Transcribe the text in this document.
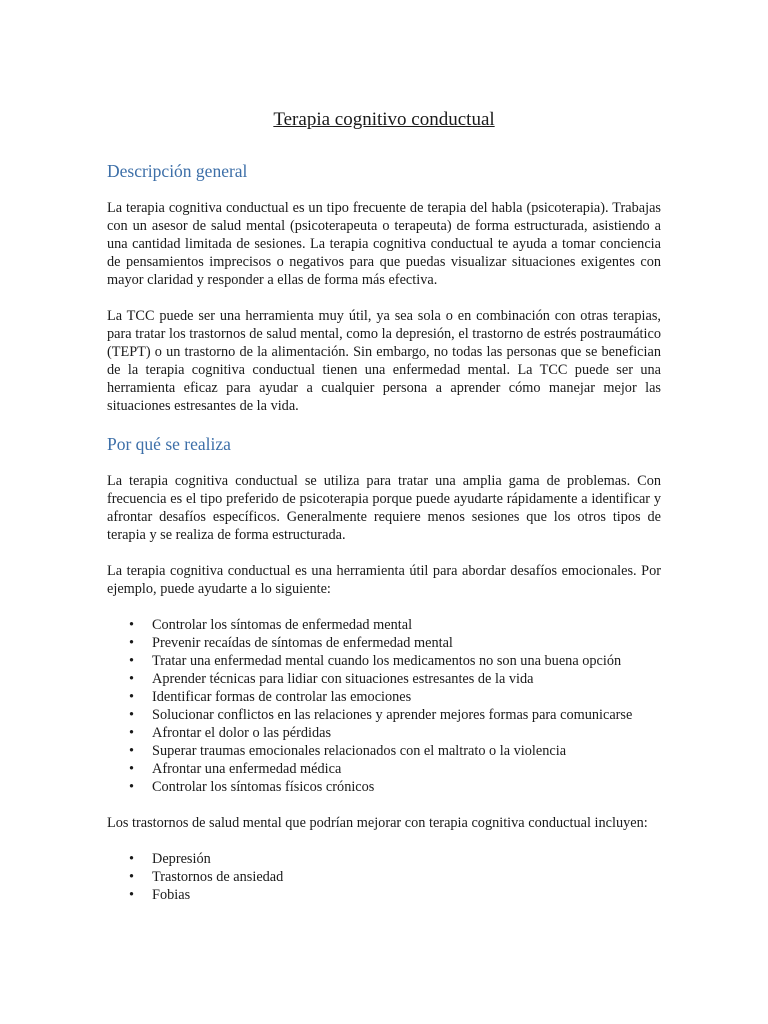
Terapia cognitivo conductual
Descripción general

La terapia cognitiva conductual es un tipo frecuente de terapia del habla (psicoterapia). Trabajas con un asesor de salud mental (psicoterapeuta o terapeuta) de forma estructurada, asistiendo a una cantidad limitada de sesiones. La terapia cognitiva conductual te ayuda a tomar conciencia de pensamientos imprecisos o negativos para que puedas visualizar situaciones exigentes con mayor claridad y responder a ellas de forma más efectiva.

La TCC puede ser una herramienta muy útil, ya sea sola o en combinación con otras terapias, para tratar los trastornos de salud mental, como la depresión, el trastorno de estrés postraumático (TEPT) o un trastorno de la alimentación. Sin embargo, no todas las personas que se benefician de la terapia cognitiva conductual tienen una enfermedad mental. La TCC puede ser una herramienta eficaz para ayudar a cualquier persona a aprender cómo manejar mejor las situaciones estresantes de la vida.

Por qué se realiza

La terapia cognitiva conductual se utiliza para tratar una amplia gama de problemas. Con frecuencia es el tipo preferido de psicoterapia porque puede ayudarte rápidamente a identificar y afrontar desafíos específicos. Generalmente requiere menos sesiones que los otros tipos de terapia y se realiza de forma estructurada.

La terapia cognitiva conductual es una herramienta útil para abordar desafíos emocionales. Por ejemplo, puede ayudarte a lo siguiente:

• Controlar los síntomas de enfermedad mental
• Prevenir recaídas de síntomas de enfermedad mental
• Tratar una enfermedad mental cuando los medicamentos no son una buena opción
• Aprender técnicas para lidiar con situaciones estresantes de la vida
• Identificar formas de controlar las emociones
• Solucionar conflictos en las relaciones y aprender mejores formas para comunicarse
• Afrontar el dolor o las pérdidas
• Superar traumas emocionales relacionados con el maltrato o la violencia
• Afrontar una enfermedad médica
• Controlar los síntomas físicos crónicos

Los trastornos de salud mental que podrían mejorar con terapia cognitiva conductual incluyen:

• Depresión
• Trastornos de ansiedad
• Fobias
